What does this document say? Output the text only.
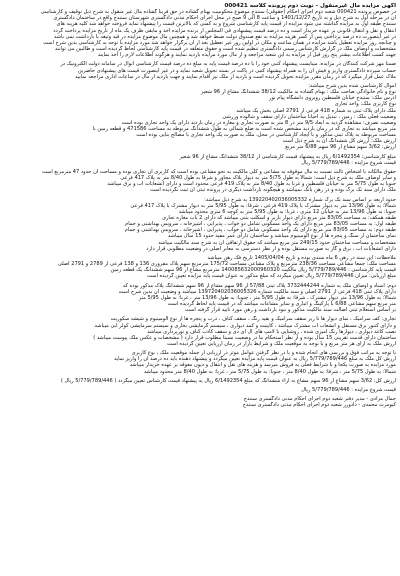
آگهی مزایده مال غیرمنقول - نوبت دوم پرونده کلاسه 000421
در خصوص پرونده 000421 شعبه دوم اجرای احکام (حقوقی) سنندج موضوع محکومیت بهنام گشاده در حق فریبا گشاده مال غیر منقول به شرح ذیل توقیف و کارشناسی
آن در مرحله اول به شرح ذیل و به تاریخ 1401/12/27 و ساعت 8 الی 9 صبح در محل اجرای احکام مدنی دادگستری شهرستان سنندج واقع در ساختمان دادگستری
سنندج طبقه اول به مزایده گذاشته می شود مزایده از قیمت پایه کارشناسی شروع و به کسی که بالاترین قیمت را پیشنهاد نماید فروخته خواهد شد کلیه هزینه های
انتقال و نقل و انتقال قانونی بر عهده خریدار است و ده درصد قیمت پیشنهادی فی المجلس از برنده مزایده اخذ و مابقی ظرف یک ماه از تاریخ مزایده پرداخت گردد
در غیر اینصورت ده درصد پرداختی پس از کسر هزینه مزایده به نفع صندوق دولت ضبط خواهد شد و همچنین مال موضوع مزایده در قید وثیقه یا بازداشت نمی باشد
و چنانچه روز مزایده تعطیل باشد مزایده در همان ساعت و مکان در اولین روز غیر تعطیل بعد از آن برگزار خواهد شد مورد مزایده با توجه به کارشناسی بدین شرح است
مشخصات و اوصاف ملک در گزارش کارشناس رسمی دادگستری تنظیم شده است و حقوق متعلقه در قیمت پایه کارشناسی لحاظ گردیده است و طالبین می توانند
جهت کسب اطلاعات بیشتر پنج روز قبل از مزایده به این شعبه مراجعه و از مال مورد مزایده بازدید نمایند و هرگونه اطلاعات لازم را اخذ نمایند
ضمنا مهر شرکت کنندگان در مزایده، میبایست پیشنهاد کتبی خود را با ده درصد قیمت پایه به مبلغ ده درصد قیمت کارشناسی انوال در سامانه دولت الکترونیک در
حساب سپرده دادگستری واریز و فیش آن را به همراه پیشنهاد کتبی در پاکت در بسته تحویل شعبه نماید و در غیر اینصورت قیمت های پیشنهادی حاضرین
ملاک عمل قرار میگیرد که در زمان مقرر مزایده تحویل گردیده است و بازدید از ملک نیز اقدام نمایند و جهت بازدید از مال در ساعات اداری مراجعه نمایید
اموال کارشناسی شده بدین شرح میباشد:
نوع و نام خانوادگی صاحب ملک : بهنام گشاده به مالکیت 38/12 ششدانگ مشاع از 96 شعیر
آدرس ملک: سنندج خیابان فلسطین روبروی دانشگاه پیام نور
نوع کاربری ملک: واحد تجاری
ملک دارای پلاک ثبتی به شماره 418 فرعی از 2791 اصلی بخش یک میباشد
وضعیت فعلی ملک : زمین ، تبدیل به احیانا ساختمان دارای سقف و شالوده ورزشی
وضعیت تصرف: مشاهده گردید به ابعاد 9/5 متر در 8 متر به صورت تجاری و مغازه در زمان بازدید دارای یک واحد تجاری بوده است
متر مربع میباشد به تجاری که در زمان بازدید مشخص شده است به ضلع شمالی به طول ششدانگ مربوطه به مساحت 471586 و قطعه زمین با
مساحت مربوطه به پلاک ثبتی مذکور و با ایجاد کارشناسی در محل، ملک به صورت یک واحد تجاری با مصالح بنایی بوده است
ارزش ملک: ارزش کل ششدانگ آن به شرح ذیل است
ارزش: 3/62 سهم مشاع از 96 سهم 6/88 متر مربع
مبلغ کارشناسی: 6/1492354 ریال به پیشنهاد قیمت کارشناسی از 38/12 ششدانگ مشاع از 96 شعیر
قیمت شروع مزایده : 5/779/789/446 ریال
حقوق مالکانه با اشخاص ثالث نسبت به مال موقوفه به مشاعی و کلی مالکیت به نحو مشاعی بوده است که کاربری آن تجاری بوده و مساحت آن حدود 47 مترمربع است
و سایر اوصاف ملک به شرح ذیل است: شمالاً به طول 5/75 متر به دیوار پلاک مجاور و شرقاً به طول 8/40 متر به پلاک 417 فرعی
جنوباً به طول 5/75 متر به خیابان فلسطین و غرباً به طول 8/40 متر به پلاک 419 فرعی محدود است و دارای انشعابات آب و برق میباشد
ملک دارای سند تک برگ بوده و در رهن بانک نمیباشد و هیچگونه بازداشت دیگری در پرونده ثبتی آن ثبت نگردیده است
حدود اربعه بر اساس سند تک برگ شماره 139220402036005332 به شرح ذیل میباشد:
شمالاً: به طول 13/96 متر به دیوار مشترک با پلاک 419 فرعی ، شرقاً: به طول 5/95 متر به دیوار مشترک با پلاک 417 فرعی
جنوباً: به طول 13/96 متر به خیابان 12 متری ، غرباً: به طول 5/95 متر به کوچه 6 متری محدود میباشد
طبقه همکف: به مساحت 83/05 متر مربع دارای دیوار باربر و اسکلت بتنی میباشد که دارای 2 باب مغازه تجاری
طبقه اول: به مساحت 83/05 متر مربع دارای یک واحد مسکونی شامل دو خواب ، پذیرایی ، آشپزخانه ، سرویس بهداشتی و حمام
طبقه دوم: به مساحت 83/05 متر مربع دارای یک واحد مسکونی شامل دو خواب ، پذیرایی ، آشپزخانه ، سرویس بهداشتی و حمام
نمای ساختمان از سنگ و پنجره ها از نوع آلومینیوم میباشد و ساختمان دارای عمر مفید حدود 15 سال میباشد
مشخصات و مساحت ساختمان حدود 249/15 متر مربع میباشد که حقوق ارتفاقی آن به شرح سند مالکیت میباشد
دارای انشعابات آب ، برق و گاز به صورت مستقل بوده و از نظر دسترسی به معابر اصلی در وضعیت مطلوبی قرار دارد
ملاحظات: این سند در رهن 6 ماه سندی بوده و تاریخ 1405/04/04 تاریخ فک رهن میباشد
مساحت ملک: جمعاً مشاعی مساحت 238/36 مترمربع و پلاک مشاعی مساحت 175/72 مترمربع سهم پلاک مفروزی 136 و 138 فرعی از 2789 و 2791 اصلی
قیمت پایه کارشناسی : 5/779/789/446 ریال مالکیت 140085632000960320 مترمربع مشاع از 96 سهم ششدانگ یک قطعه زمین
مبلغ ارزیابی: میزان 5/779/789/446 ریال تعیین میگردد که مبلغ مذکور به عنوان قیمت پایه مزایده تعیین گردیده است
دوم: اسناد و اوصاف ملک به شماره 3732444244 پلاک ثبتی 57/88 از 96 سهم مشاع از 96 سهم ششدانگ پلاک مذکور بوده که
دارای پلاک ثبتی 418 فرعی از 2791 اصلی و سند مالکیت شماره 139720402036005326 میباشد و وضعیت آن بدین شرح است
شمالاً: به طول 13/96 متر دیوار مشترک ، شرقاً: به طول 5/95 متر ، جنوباً: به طول 13/96 متر ، غرباً: به طول 5/95 متر
متر مربع سهم مشاعی 6/88 با پارکینگ و انباری و سایر مشاعات میباشد که در قیمت پایه لحاظ گردیده است
بر اساس استعلام ثبتی اصالت سند مالکیت مذکور و نبود بازداشت و رهن مورد تایید قرار گرفته است
تجاری: کف سرامیک ، نمای دیوار ها تا زیر سقف سرامیک و بقیه رنگ ، سقف کناف ، درب و پنجره ها از نوع آلومینیوم و شیشه سکوریت
و دارای کنتور برق مستقل و انشعاب آب مشترک میباشد ، کابینت و کمد دیواری ، سیستم گرمایشی بخاری و سیستم سرمایشی کولر آبی میباشد
نصب کاغذ دیواری ، دیوارها رنگ آمیزی شده ، روشنایی با لامپ های ال ای دی و سقف کاذب کناف و نورپردازی میباشد
ساختمان دارای قدمت تقریبی 15 سال بوده و از نظر استحکام بنا در وضعیت نسبتاً مطلوب قرار دارد ( مشخصات و عکس ملک پیوست میباشد )
ارزش ملک به ازای هر متر مربع و با توجه به موقعیت ملک و شرایط بازار در زمان ارزیابی تعیین گردیده است
با توجه به مراتب فوق و بررسی های انجام شده و با در نظر گرفتن عوامل موثر در ارزیابی از جمله موقعیت ملک ، نوع کاربری
ارزش کل ملک به مبلغ 5/779/789/446 ریال به عنوان قیمت پایه مزایده تعیین میگردد و پیشنهاد دهنده باید ده درصد آن را واریز نماید
مورد مزایده به صورت یکجا و با شرایط فعلی به فروش میرسد و هزینه های نقل و انتقال و دیون معوقه بر عهده خریدار میباشد
شمالاً: به طول 5/75 متر ، شرقاً: به طول 8/40 متر ، جنوباً: به طول 5/75 متر ، غرباً: به طول 8/40 متر محدود میباشد
ارزش کل: 3/62 سهم مشاع از 96 سهم مشاع به ازاء ششدانگ که مبلغ 6/1492354 ریال به پیشنهاد قیمت کارشناس تعیین میگردد ( 5/779/789/446 ریال )
قیمت شروع مزایده : 5/779/789/446 ریال
جمال مرادی - مدیر دفتر شعبه دوم اجرای احکام مدنی دادگستری سنندج
کیومرث محمدی - دادورز شعبه دوم اجرای احکام مدنی دادگستری سنندج
